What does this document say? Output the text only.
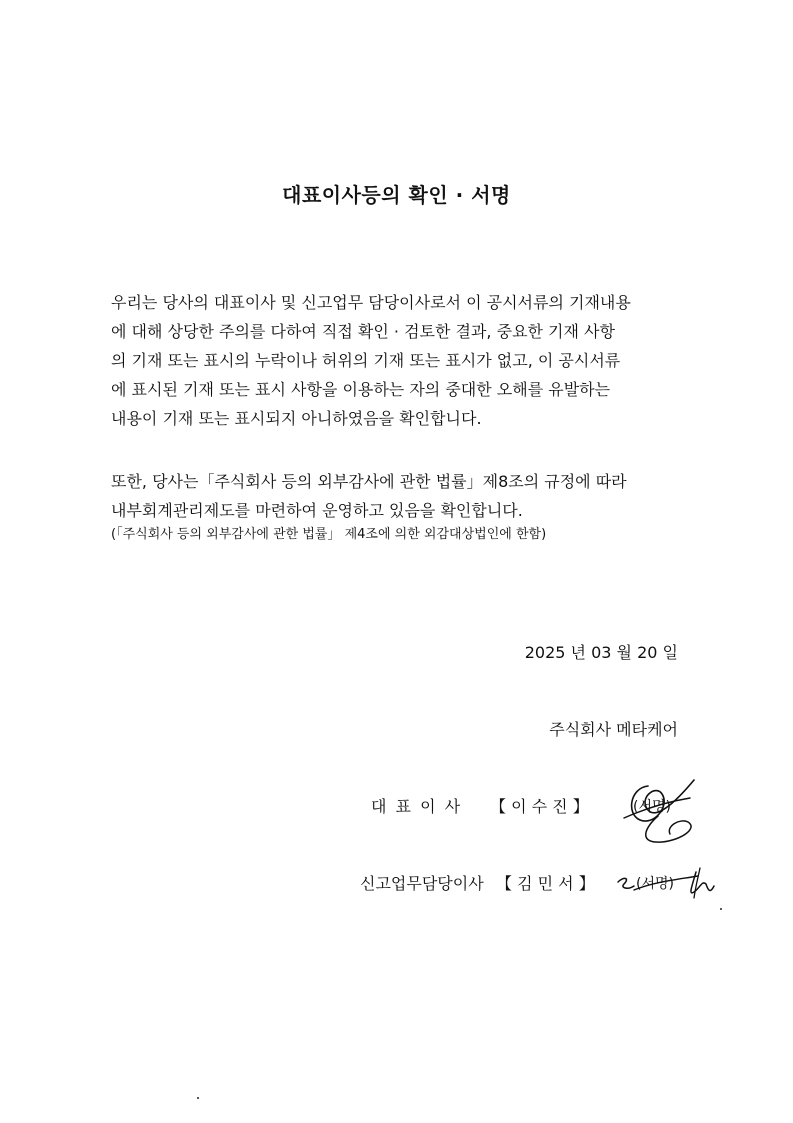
대표이사등의 확인 · 서명
우리는 당사의 대표이사 및 신고업무 담당이사로서 이 공시서류의 기재내용
에 대해 상당한 주의를 다하여 직접 확인 · 검토한 결과, 중요한 기재 사항
의 기재 또는 표시의 누락이나 허위의 기재 또는 표시가 없고, 이 공시서류
에 표시된 기재 또는 표시 사항을 이용하는 자의 중대한 오해를 유발하는
내용이 기재 또는 표시되지 아니하였음을 확인합니다.
또한, 당사는「주식회사 등의 외부감사에 관한 법률」제8조의 규정에 따라
내부회계관리제도를 마련하여 운영하고 있음을 확인합니다.
(「주식회사 등의 외부감사에 관한 법률」 제4조에 의한 외감대상법인에 한함)
2025 년 03 월 20 일
주식회사 메타케어
대 표 이 사 【 이 수 진 】	(서명)
신고업무담당이사 【 김 민 서 】	(서명)
